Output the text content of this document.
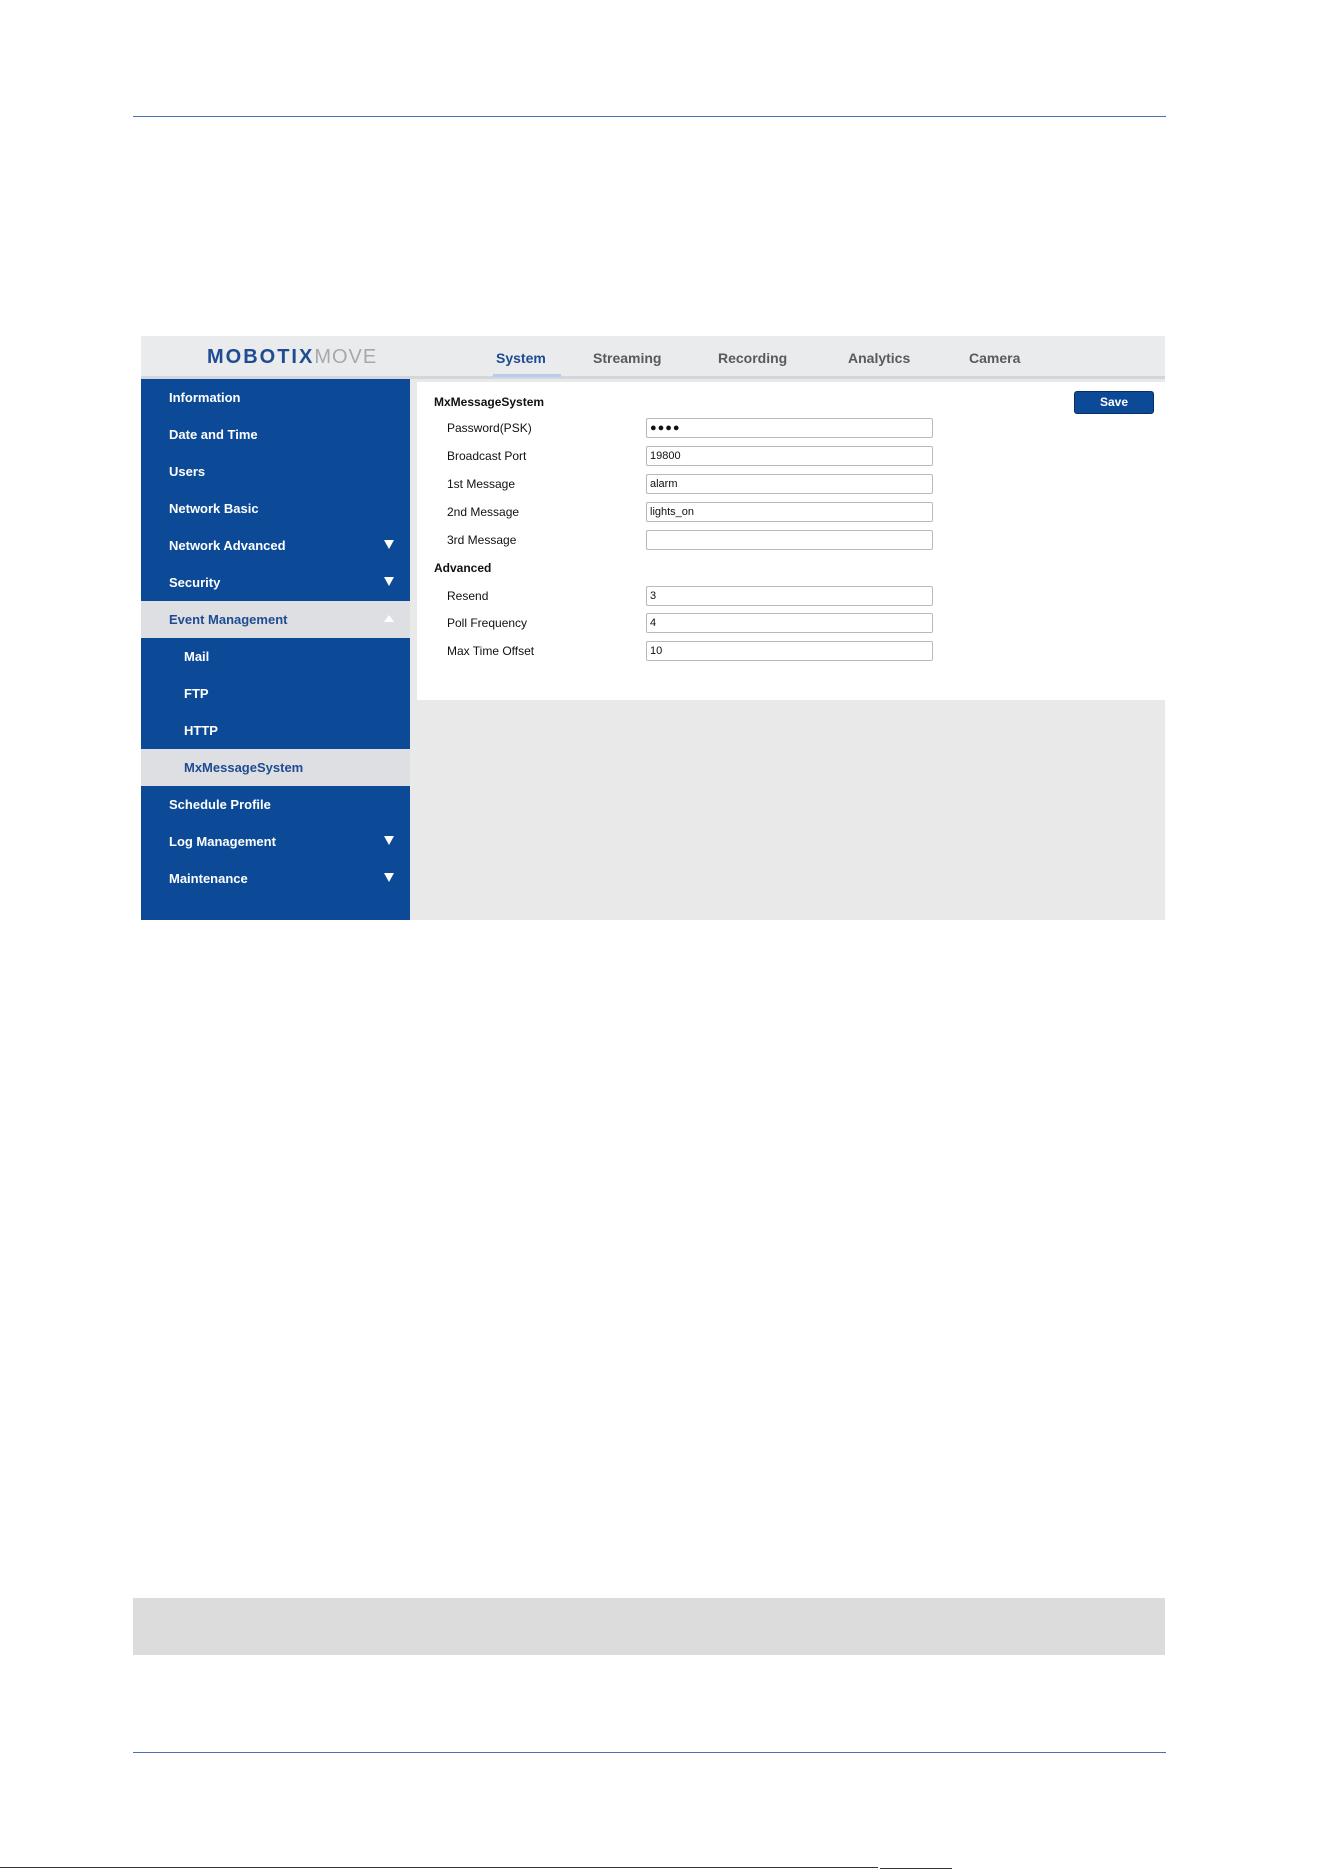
MOBOTIXMOVE	System	Streaming	Recording	Analytics	Camera
Information
Date and Time
Users
Network Basic
Network Advanced
Security
Event Management
Mail
FTP
HTTP
MxMessageSystem
Schedule Profile
Log Management
Maintenance
MxMessageSystem	Save
Password(PSK)	●●●●
Broadcast Port	19800
1st Message	alarm
2nd Message	lights_on
3rd Message
Advanced
Resend	3
Poll Frequency	4
Max Time Offset	10
